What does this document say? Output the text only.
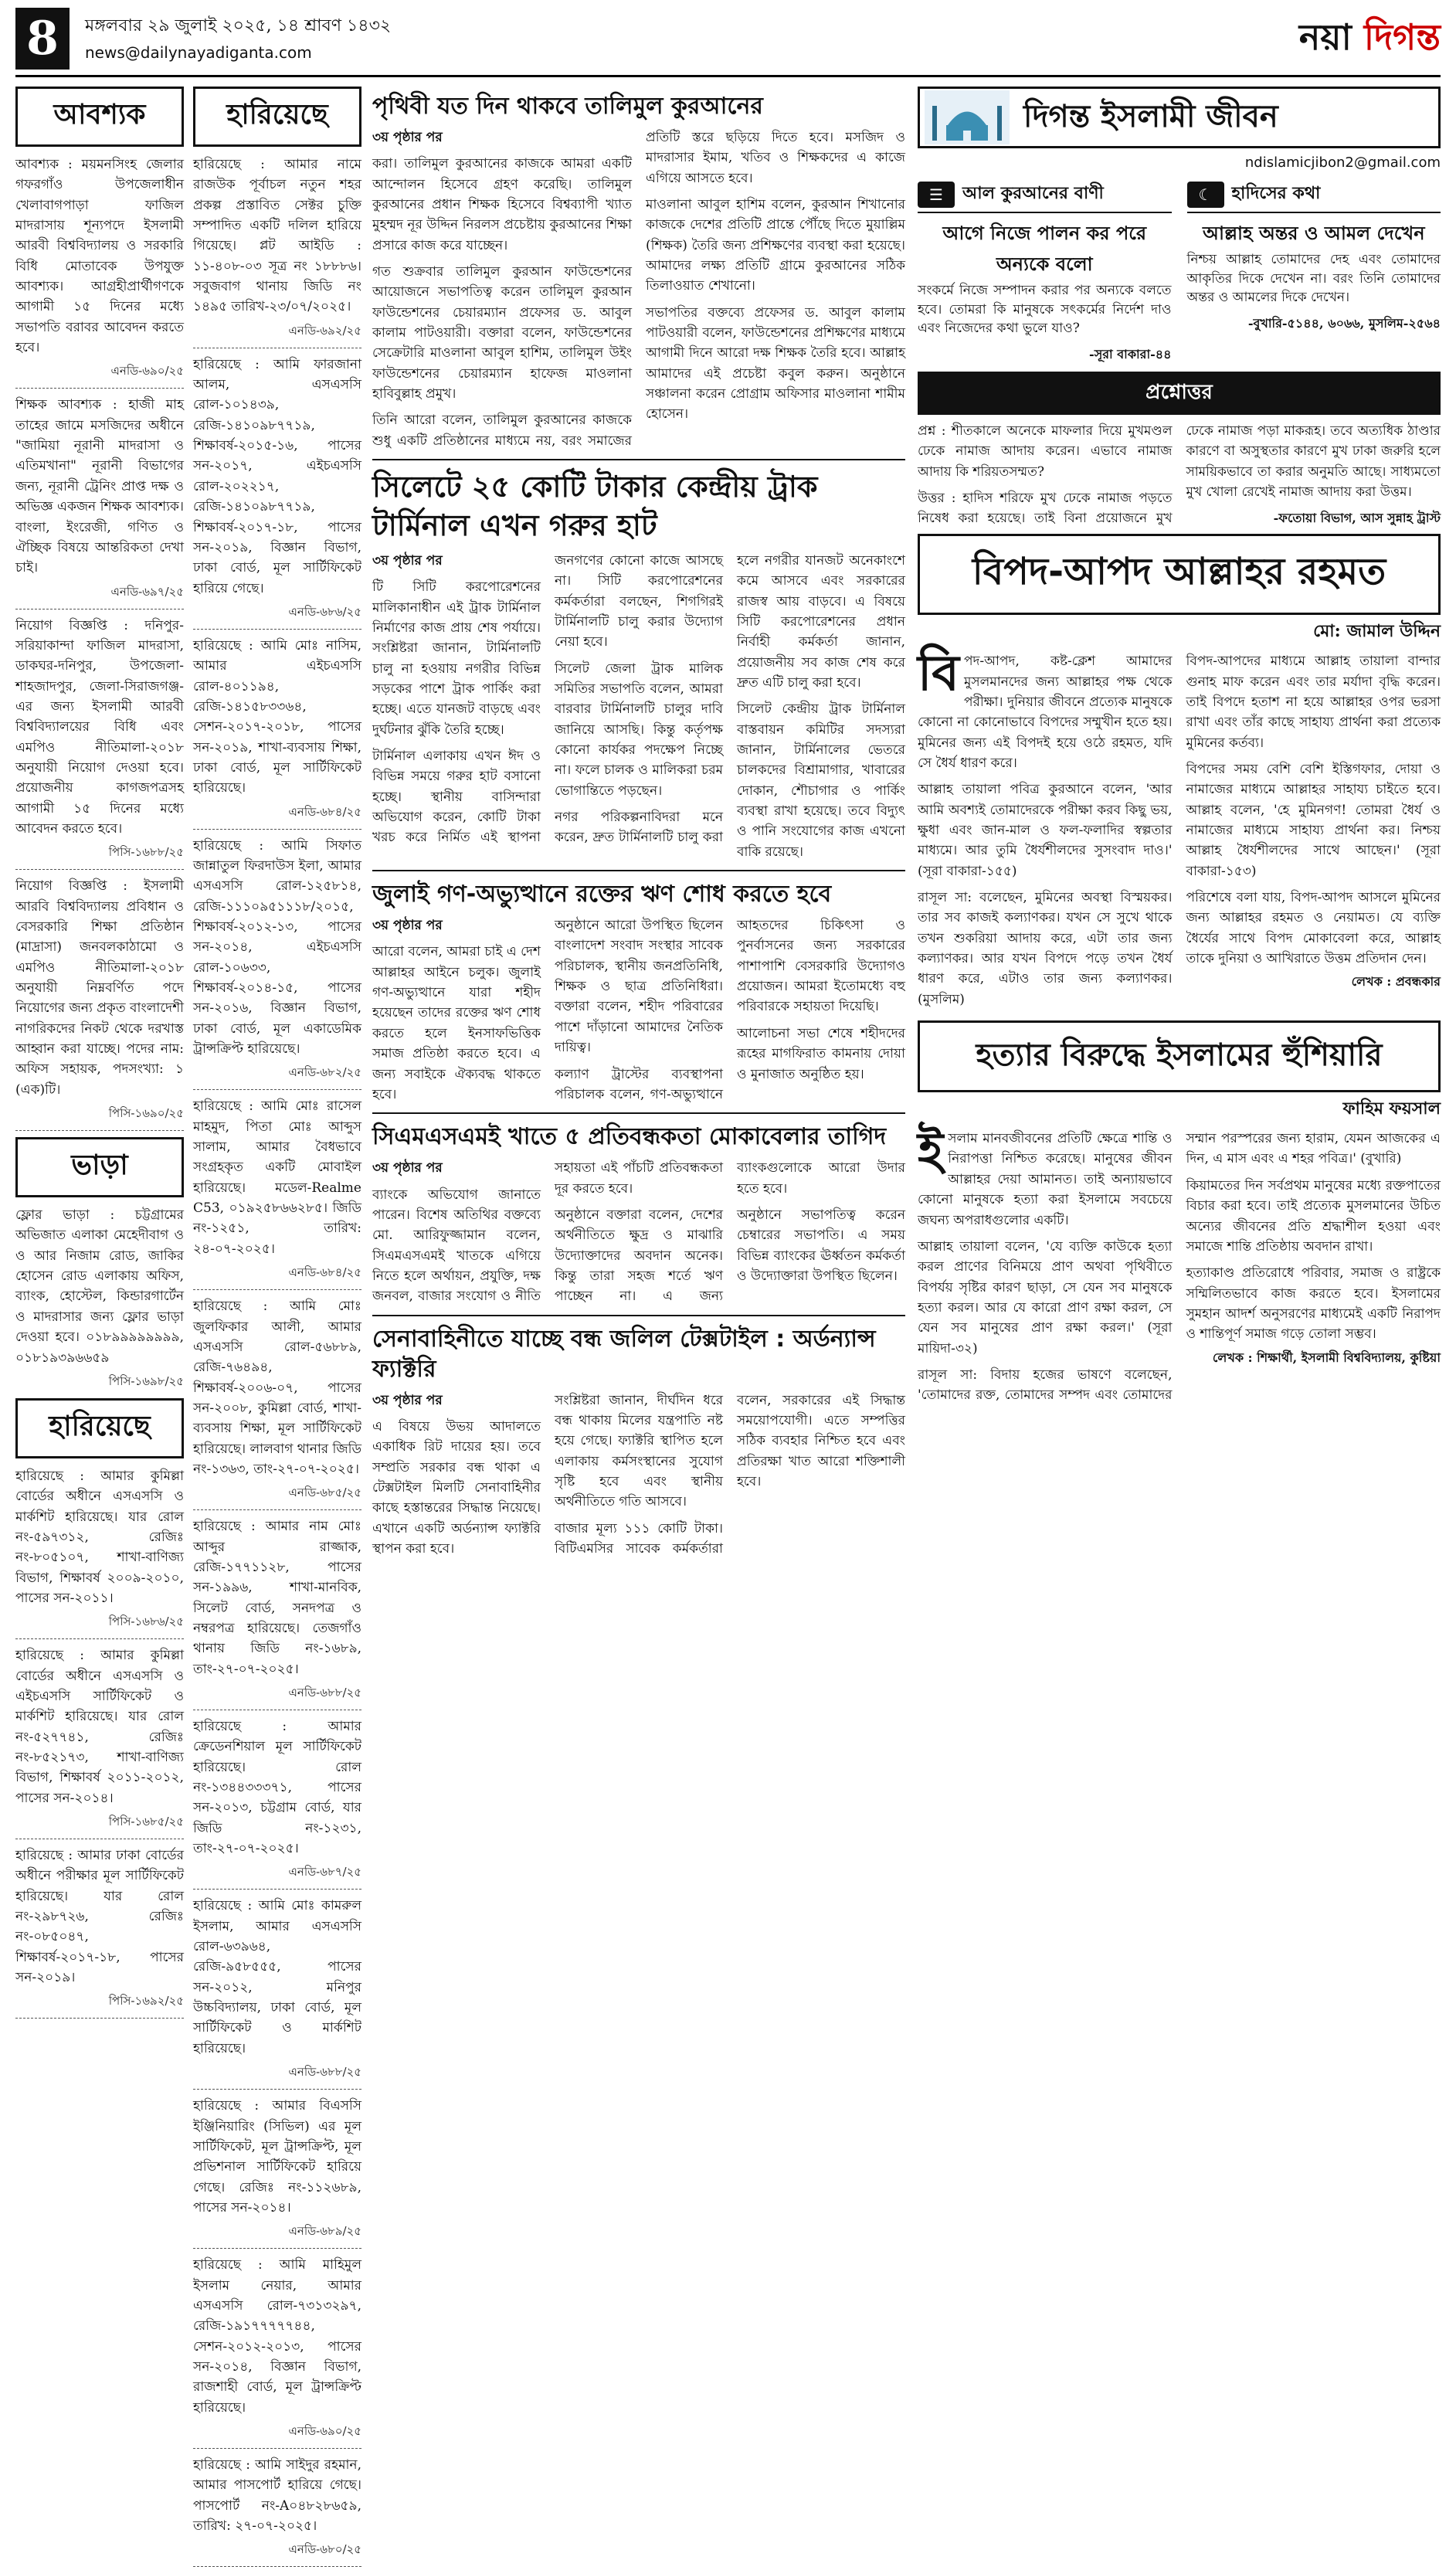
8	মঙ্গলবার ২৯ জুলাই ২০২৫, ১৪ শ্রাবণ ১৪৩২
news@dailynayadiganta.com	নয়া দিগন্ত
আবশ্যক

আবশ্যক : ময়মনসিংহ জেলার গফরগাঁও উপজেলাধীন খেলাবাগপাড়া ফাজিল মাদরাসায় শূন্যপদে ইসলামী আরবী বিশ্ববিদ্যালয় ও সরকারি বিধি মোতাবেক উপযুক্ত আবশ্যক। আগ্রহীপ্রার্থীগণকে আগামী ১৫ দিনের মধ্যে সভাপতি বরাবর আবেদন করতে হবে।

এনডি-৬৯০/২৫

শিক্ষক আবশ্যক : হাজী মাহ তাহের জামে মসজিদের অধীনে "জামিয়া নূরানী মাদরাসা ও এতিমখানা" নূরানী বিভাগের জন্য, নূরানী ট্রেনিং প্রাপ্ত দক্ষ ও অভিজ্ঞ একজন শিক্ষক আবশ্যক। বাংলা, ইংরেজী, গণিত ও ঐচ্ছিক বিষয়ে আন্তরিকতা দেখা চাই।

এনডি-৬৯৭/২৫

নিয়োগ বিজ্ঞপ্তি : দনিপুর-সরিয়াকান্দা ফাজিল মাদরাসা, ডাকঘর-দনিপুর, উপজেলা-শাহজাদপুর, জেলা-সিরাজগঞ্জ-এর জন্য ইসলামী আরবী বিশ্ববিদ্যালয়ের বিধি এবং এমপিও নীতিমালা-২০১৮ অনুযায়ী নিয়োগ দেওয়া হবে। প্রয়োজনীয় কাগজপত্রসহ আগামী ১৫ দিনের মধ্যে আবেদন করতে হবে।

পিসি-১৬৮৮/২৫

নিয়োগ বিজ্ঞপ্তি : ইসলামী আরবি বিশ্ববিদ্যালয় প্রবিধান ও বেসরকারি শিক্ষা প্রতিষ্ঠান (মাদ্রাসা) জনবলকাঠামো ও এমপিও নীতিমালা-২০১৮ অনুযায়ী নিম্নবর্ণিত পদে নিয়োগের জন্য প্রকৃত বাংলাদেশী নাগরিকদের নিকট থেকে দরখাস্ত আহ্বান করা যাচ্ছে। পদের নাম: অফিস সহায়ক, পদসংখ্যা: ১ (এক)টি।

পিসি-১৬৯০/২৫
ভাড়া

ফ্লোর ভাড়া : চট্টগ্রামের অভিজাত এলাকা মেহেদীবাগ ও ও আর নিজাম রোড, জাকির হোসেন রোড এলাকায় অফিস, ব্যাংক, হোস্টেল, কিন্ডারগার্টেন ও মাদরাসার জন্য ফ্লোর ভাড়া দেওয়া হবে। ০১৮৯৯৯৯৯৯৯৯, ০১৮১৯৩৯৬৬৫৯

পিসি-১৬৯৮/২৫
হারিয়েছে

হারিয়েছে : আমার কুমিল্লা বোর্ডের অধীনে এসএসসি ও মার্কশিট হারিয়েছে। যার রোল নং-৫৯৭৩১২, রেজিঃ নং-৮০৫১০৭, শাখা-বাণিজ্য বিভাগ, শিক্ষাবর্ষ ২০০৯-২০১০, পাসের সন-২০১১।

পিসি-১৬৮৬/২৫

হারিয়েছে : আমার কুমিল্লা বোর্ডের অধীনে এসএসসি ও এইচএসসি সার্টিফিকেট ও মার্কশিট হারিয়েছে। যার রোল নং-৫২৭৭৪১, রেজিঃ নং-৮৫২১৭৩, শাখা-বাণিজ্য বিভাগ, শিক্ষাবর্ষ ২০১১-২০১২, পাসের সন-২০১৪।

পিসি-১৬৮৫/২৫

হারিয়েছে : আমার ঢাকা বোর্ডের অধীনে পরীক্ষার মূল সার্টিফিকেট হারিয়েছে। যার রোল নং-২৯৮৭২৬, রেজিঃ নং-০৮৫০৪৭, শিক্ষাবর্ষ-২০১৭-১৮, পাসের সন-২০১৯।

পিসি-১৬৯২/২৫
হারিয়েছে

হারিয়েছে : আমার নামে রাজউক পূর্বাচল নতুন শহর প্রকল্প প্রস্তাবিত সেক্টর চুক্তি সম্পাদিত একটি দলিল হারিয়ে গিয়েছে। প্লট আইডি : ১১-৪০৮-০৩ সূত্র নং ১৮৮৮৬। সবুজবাগ থানায় জিডি নং ১৪৯৫ তারিখ-২৩/০৭/২০২৫।

এনডি-৬৯২/২৫

হারিয়েছে : আমি ফারজানা আলম, এসএসসি রোল-১০১৪৩৯, রেজি-১৪১০৯৮৭৭১৯, শিক্ষাবর্ষ-২০১৫-১৬, পাসের সন-২০১৭, এইচএসসি রোল-২০২২১৭, রেজি-১৪১০৯৮৭৭১৯, শিক্ষাবর্ষ-২০১৭-১৮, পাসের সন-২০১৯, বিজ্ঞান বিভাগ, ঢাকা বোর্ড, মূল সার্টিফিকেট হারিয়ে গেছে।

এনডি-৬৮৬/২৫

হারিয়েছে : আমি মোঃ নাসিম, আমার এইচএসসি রোল-৪০১১৯৪, রেজি-১৪১৫৮৩৩৬৪, সেশন-২০১৭-২০১৮, পাসের সন-২০১৯, শাখা-ব্যবসায় শিক্ষা, ঢাকা বোর্ড, মূল সার্টিফিকেট হারিয়েছে।

এনডি-৬৮৪/২৫

হারিয়েছে : আমি সিফাত জান্নাতুল ফিরদাউস ইলা, আমার এসএসসি রোল-১২৫৮১৪, রেজি-১১১০৯৫১১১৮/২০১৫, শিক্ষাবর্ষ-২০১২-১৩, পাসের সন-২০১৪, এইচএসসি রোল-১০৬৩৩, শিক্ষাবর্ষ-২০১৪-১৫, পাসের সন-২০১৬, বিজ্ঞান বিভাগ, ঢাকা বোর্ড, মূল একাডেমিক ট্রান্সক্রিপ্ট হারিয়েছে।

এনডি-৬৮২/২৫

হারিয়েছে : আমি মোঃ রাসেল মাহমুদ, পিতা মোঃ আব্দুস সালাম, আমার বৈধভাবে সংগ্রহকৃত একটি মোবাইল হারিয়েছে। মডেল-Realme C53, ০১৯২৫৮৬৬২৮৫। জিডি নং-১২৫১, তারিখ: ২৪-০৭-২০২৫।

এনডি-৬৮৪/২৫

হারিয়েছে : আমি মোঃ জুলফিকার আলী, আমার এসএসসি রোল-৫৬৮৮৯, রেজি-৭৬৪৯৪, শিক্ষাবর্ষ-২০০৬-০৭, পাসের সন-২০০৮, কুমিল্লা বোর্ড, শাখা-ব্যবসায় শিক্ষা, মূল সার্টিফিকেট হারিয়েছে। লালবাগ থানার জিডি নং-১৩৬৩, তাং-২৭-০৭-২০২৫।

এনডি-৬৮৫/২৫

হারিয়েছে : আমার নাম মোঃ আব্দুর রাজ্জাক, রেজি-১৭৭১১২৮, পাসের সন-১৯৯৬, শাখা-মানবিক, সিলেট বোর্ড, সনদপত্র ও নম্বরপত্র হারিয়েছে। তেজগাঁও থানায় জিডি নং-১৬৮৯, তাং-২৭-০৭-২০২৫।

এনডি-৬৮৮/২৫

হারিয়েছে : আমার ক্রেডেনশিয়াল মূল সার্টিফিকেট হারিয়েছে। রোল নং-১৩৪৪৩৩৩৭১, পাসের সন-২০১৩, চট্টগ্রাম বোর্ড, যার জিডি নং-১২৩১, তাং-২৭-০৭-২০২৫।

এনডি-৬৮৭/২৫

হারিয়েছে : আমি মোঃ কামরুল ইসলাম, আমার এসএসসি রোল-৬৩৯৬৪, রেজি-৯৫৮৫৫৫, পাসের সন-২০১২, মনিপুর উচ্চবিদ্যালয়, ঢাকা বোর্ড, মূল সার্টিফিকেট ও মার্কশিট হারিয়েছে।

এনডি-৬৮৮/২৫

হারিয়েছে : আমার বিএসসি ইঞ্জিনিয়ারিং (সিভিল) এর মূল সার্টিফিকেট, মূল ট্রান্সক্রিপ্ট, মূল প্রভিশনাল সার্টিফিকেট হারিয়ে গেছে। রেজিঃ নং-১১২৬৮৯, পাসের সন-২০১৪।

এনডি-৬৮৯/২৫

হারিয়েছে : আমি মাহিমুল ইসলাম নেয়ার, আমার এসএসসি রোল-৭৩১৩২৯৭, রেজি-১৯১৭৭৭৭৭৪৪, সেশন-২০১২-২০১৩, পাসের সন-২০১৪, বিজ্ঞান বিভাগ, রাজশাহী বোর্ড, মূল ট্রান্সক্রিপ্ট হারিয়েছে।

এনডি-৬৯০/২৫

হারিয়েছে : আমি সাইদুর রহমান, আমার পাসপোর্ট হারিয়ে গেছে। পাসপোর্ট নং-A০৪৮২৮৬৫৯, তারিখ: ২৭-০৭-২০২৫।

এনডি-৬৮০/২৫
পৃথিবী যত দিন থাকবে তালিমুল কুরআনের

৩য় পৃষ্ঠার পর

করা। তালিমুল কুরআনের কাজকে আমরা একটি আন্দোলন হিসেবে গ্রহণ করেছি। তালিমুল কুরআনের প্রধান শিক্ষক হিসেবে বিশ্বব্যাপী খ্যাত মুহম্মদ নূর উদ্দিন নিরলস প্রচেষ্টায় কুরআনের শিক্ষা প্রসারে কাজ করে যাচ্ছেন।

গত শুক্রবার তালিমুল কুরআন ফাউন্ডেশনের আয়োজনে সভাপতিত্ব করেন তালিমুল কুরআন ফাউন্ডেশনের চেয়ারম্যান প্রফেসর ড. আবুল কালাম পাটওয়ারী। বক্তারা বলেন, ফাউন্ডেশনের সেক্রেটারি মাওলানা আবুল হাশিম, তালিমুল উইং ফাউন্ডেশনের চেয়ারম্যান হাফেজ মাওলানা হাবিবুল্লাহ প্রমুখ।

তিনি আরো বলেন, তালিমুল কুরআনের কাজকে শুধু একটি প্রতিষ্ঠানের মাধ্যমে নয়, বরং সমাজের প্রতিটি স্তরে ছড়িয়ে দিতে হবে। মসজিদ ও মাদরাসার ইমাম, খতিব ও শিক্ষকদের এ কাজে এগিয়ে আসতে হবে।

মাওলানা আবুল হাশিম বলেন, কুরআন শিখানোর কাজকে দেশের প্রতিটি প্রান্তে পৌঁছে দিতে মুয়াল্লিম (শিক্ষক) তৈরি জন্য প্রশিক্ষণের ব্যবস্থা করা হয়েছে। আমাদের লক্ষ্য প্রতিটি গ্রামে কুরআনের সঠিক তিলাওয়াত শেখানো।

সভাপতির বক্তব্যে প্রফেসর ড. আবুল কালাম পাটওয়ারী বলেন, ফাউন্ডেশনের প্রশিক্ষণের মাধ্যমে আগামী দিনে আরো দক্ষ শিক্ষক তৈরি হবে। আল্লাহ আমাদের এই প্রচেষ্টা কবুল করুন। অনুষ্ঠানে সঞ্চালনা করেন প্রোগ্রাম অফিসার মাওলানা শামীম হোসেন।

সিলেটে ২৫ কোটি টাকার কেন্দ্রীয় ট্রাক টার্মিনাল এখন গরুর হাট

৩য় পৃষ্ঠার পর

টি সিটি করপোরেশনের মালিকানাধীন এই ট্রাক টার্মিনাল নির্মাণের কাজ প্রায় শেষ পর্যায়ে। সংশ্লিষ্টরা জানান, টার্মিনালটি চালু না হওয়ায় নগরীর বিভিন্ন সড়কের পাশে ট্রাক পার্কিং করা হচ্ছে। এতে যানজট বাড়ছে এবং দুর্ঘটনার ঝুঁকি তৈরি হচ্ছে।

টার্মিনাল এলাকায় এখন ঈদ ও বিভিন্ন সময়ে গরুর হাট বসানো হচ্ছে। স্থানীয় বাসিন্দারা অভিযোগ করেন, কোটি টাকা খরচ করে নির্মিত এই স্থাপনা জনগণের কোনো কাজে আসছে না। সিটি করপোরেশনের কর্মকর্তারা বলছেন, শিগগিরই টার্মিনালটি চালু করার উদ্যোগ নেয়া হবে।

সিলেট জেলা ট্রাক মালিক সমিতির সভাপতি বলেন, আমরা বারবার টার্মিনালটি চালুর দাবি জানিয়ে আসছি। কিন্তু কর্তৃপক্ষ কোনো কার্যকর পদক্ষেপ নিচ্ছে না। ফলে চালক ও মালিকরা চরম ভোগান্তিতে পড়ছেন।

নগর পরিকল্পনাবিদরা মনে করেন, দ্রুত টার্মিনালটি চালু করা হলে নগরীর যানজট অনেকাংশে কমে আসবে এবং সরকারের রাজস্ব আয় বাড়বে। এ বিষয়ে সিটি করপোরেশনের প্রধান নির্বাহী কর্মকর্তা জানান, প্রয়োজনীয় সব কাজ শেষ করে দ্রুত এটি চালু করা হবে।

সিলেট কেন্দ্রীয় ট্রাক টার্মিনাল বাস্তবায়ন কমিটির সদস্যরা জানান, টার্মিনালের ভেতরে চালকদের বিশ্রামাগার, খাবারের দোকান, শৌচাগার ও পার্কিং ব্যবস্থা রাখা হয়েছে। তবে বিদ্যুৎ ও পানি সংযোগের কাজ এখনো বাকি রয়েছে।

জুলাই গণ-অভ্যুত্থানে রক্তের ঋণ শোধ করতে হবে

৩য় পৃষ্ঠার পর

আরো বলেন, আমরা চাই এ দেশ আল্লাহর আইনে চলুক। জুলাই গণ-অভ্যুত্থানে যারা শহীদ হয়েছেন তাদের রক্তের ঋণ শোধ করতে হলে ইনসাফভিত্তিক সমাজ প্রতিষ্ঠা করতে হবে। এ জন্য সবাইকে ঐক্যবদ্ধ থাকতে হবে।

অনুষ্ঠানে আরো উপস্থিত ছিলেন বাংলাদেশ সংবাদ সংস্থার সাবেক পরিচালক, স্থানীয় জনপ্রতিনিধি, শিক্ষক ও ছাত্র প্রতিনিধিরা। বক্তারা বলেন, শহীদ পরিবারের পাশে দাঁড়ানো আমাদের নৈতিক দায়িত্ব।

কল্যাণ ট্রাস্টের ব্যবস্থাপনা পরিচালক বলেন, গণ-অভ্যুত্থানে আহতদের চিকিৎসা ও পুনর্বাসনের জন্য সরকারের পাশাপাশি বেসরকারি উদ্যোগও প্রয়োজন। আমরা ইতোমধ্যে বহু পরিবারকে সহায়তা দিয়েছি।

আলোচনা সভা শেষে শহীদদের রূহের মাগফিরাত কামনায় দোয়া ও মুনাজাত অনুষ্ঠিত হয়।

সিএমএসএমই খাতে ৫ প্রতিবন্ধকতা মোকাবেলার তাগিদ

৩য় পৃষ্ঠার পর

ব্যাংকে অভিযোগ জানাতে পারেন। বিশেষ অতিথির বক্তব্যে মো. আরিফুজ্জামান বলেন, সিএমএসএমই খাতকে এগিয়ে নিতে হলে অর্থায়ন, প্রযুক্তি, দক্ষ জনবল, বাজার সংযোগ ও নীতি সহায়তা এই পাঁচটি প্রতিবন্ধকতা দূর করতে হবে।

অনুষ্ঠানে বক্তারা বলেন, দেশের অর্থনীতিতে ক্ষুদ্র ও মাঝারি উদ্যোক্তাদের অবদান অনেক। কিন্তু তারা সহজ শর্তে ঋণ পাচ্ছেন না। এ জন্য ব্যাংকগুলোকে আরো উদার হতে হবে।

অনুষ্ঠানে সভাপতিত্ব করেন চেম্বারের সভাপতি। এ সময় বিভিন্ন ব্যাংকের ঊর্ধ্বতন কর্মকর্তা ও উদ্যোক্তারা উপস্থিত ছিলেন।

সেনাবাহিনীতে যাচ্ছে বন্ধ জলিল টেক্সটাইল : অর্ডন্যান্স ফ্যাক্টরি

৩য় পৃষ্ঠার পর

এ বিষয়ে উভয় আদালতে একাধিক রিট দায়ের হয়। তবে সম্প্রতি সরকার বন্ধ থাকা এ টেক্সটাইল মিলটি সেনাবাহিনীর কাছে হস্তান্তরের সিদ্ধান্ত নিয়েছে। এখানে একটি অর্ডন্যান্স ফ্যাক্টরি স্থাপন করা হবে।

সংশ্লিষ্টরা জানান, দীর্ঘদিন ধরে বন্ধ থাকায় মিলের যন্ত্রপাতি নষ্ট হয়ে গেছে। ফ্যাক্টরি স্থাপিত হলে এলাকায় কর্মসংস্থানের সুযোগ সৃষ্টি হবে এবং স্থানীয় অর্থনীতিতে গতি আসবে।

বাজার মূল্য ১১১ কোটি টাকা। বিটিএমসির সাবেক কর্মকর্তারা বলেন, সরকারের এই সিদ্ধান্ত সময়োপযোগী। এতে সম্পত্তির সঠিক ব্যবহার নিশ্চিত হবে এবং প্রতিরক্ষা খাত আরো শক্তিশালী হবে।

দিগন্ত ইসলামী জীবন
ndislamicjibon2@gmail.com
☰	আল কুরআনের বাণী	☾	হাদিসের কথা
আগে নিজে পালন কর পরে অন্যকে বলো

সংকর্মে নিজে সম্পাদন করার পর অন্যকে বলতে হবে। তোমরা কি মানুষকে সৎকর্মের নির্দেশ দাও এবং নিজেদের কথা ভুলে যাও?

-সূরা বাকারা-৪৪
আল্লাহ অন্তর ও আমল দেখেন

নিশ্চয় আল্লাহ তোমাদের দেহ এবং তোমাদের আকৃতির দিকে দেখেন না। বরং তিনি তোমাদের অন্তর ও আমলের দিকে দেখেন।

-বুখারি-৫১৪৪, ৬০৬৬, মুসলিম-২৫৬৪
প্রশ্নোত্তর

প্রশ্ন : শীতকালে অনেকে মাফলার দিয়ে মুখমণ্ডল ঢেকে নামাজ আদায় করেন। এভাবে নামাজ আদায় কি শরিয়তসম্মত?

উত্তর : হাদিস শরিফে মুখ ঢেকে নামাজ পড়তে নিষেধ করা হয়েছে। তাই বিনা প্রয়োজনে মুখ ঢেকে নামাজ পড়া মাকরূহ। তবে অত্যধিক ঠাণ্ডার কারণে বা অসুস্থতার কারণে মুখ ঢাকা জরুরি হলে সাময়িকভাবে তা করার অনুমতি আছে। সাধ্যমতো মুখ খোলা রেখেই নামাজ আদায় করা উত্তম।

-ফতোয়া বিভাগ, আস সুন্নাহ ট্রাস্ট
বিপদ-আপদ আল্লাহর রহমত
মো: জামাল উদ্দিন

বিপদ-আপদ, কষ্ট-ক্লেশ আমাদের মুসলমানদের জন্য আল্লাহর পক্ষ থেকে পরীক্ষা। দুনিয়ার জীবনে প্রত্যেক মানুষকে কোনো না কোনোভাবে বিপদের সম্মুখীন হতে হয়। মুমিনের জন্য এই বিপদই হয়ে ওঠে রহমত, যদি সে ধৈর্য ধারণ করে।

আল্লাহ তায়ালা পবিত্র কুরআনে বলেন, 'আর আমি অবশ্যই তোমাদেরকে পরীক্ষা করব কিছু ভয়, ক্ষুধা এবং জান-মাল ও ফল-ফলাদির স্বল্পতার মাধ্যমে। আর তুমি ধৈর্যশীলদের সুসংবাদ দাও।' (সূরা বাকারা-১৫৫)

রাসূল সা: বলেছেন, মুমিনের অবস্থা বিস্ময়কর। তার সব কাজই কল্যাণকর। যখন সে সুখে থাকে তখন শুকরিয়া আদায় করে, এটা তার জন্য কল্যাণকর। আর যখন বিপদে পড়ে তখন ধৈর্য ধারণ করে, এটাও তার জন্য কল্যাণকর। (মুসলিম)

বিপদ-আপদের মাধ্যমে আল্লাহ তায়ালা বান্দার গুনাহ মাফ করেন এবং তার মর্যাদা বৃদ্ধি করেন। তাই বিপদে হতাশ না হয়ে আল্লাহর ওপর ভরসা রাখা এবং তাঁর কাছে সাহায্য প্রার্থনা করা প্রত্যেক মুমিনের কর্তব্য।

বিপদের সময় বেশি বেশি ইস্তিগফার, দোয়া ও নামাজের মাধ্যমে আল্লাহর সাহায্য চাইতে হবে। আল্লাহ বলেন, 'হে মুমিনগণ! তোমরা ধৈর্য ও নামাজের মাধ্যমে সাহায্য প্রার্থনা কর। নিশ্চয় আল্লাহ ধৈর্যশীলদের সাথে আছেন।' (সূরা বাকারা-১৫৩)

পরিশেষে বলা যায়, বিপদ-আপদ আসলে মুমিনের জন্য আল্লাহর রহমত ও নেয়ামত। যে ব্যক্তি ধৈর্যের সাথে বিপদ মোকাবেলা করে, আল্লাহ তাকে দুনিয়া ও আখিরাতে উত্তম প্রতিদান দেন।

লেখক : প্রবন্ধকার
হত্যার বিরুদ্ধে ইসলামের হুঁশিয়ারি
ফাহিম ফয়সাল

ইসলাম মানবজীবনের প্রতিটি ক্ষেত্রে শান্তি ও নিরাপত্তা নিশ্চিত করেছে। মানুষের জীবন আল্লাহর দেয়া আমানত। তাই অন্যায়ভাবে কোনো মানুষকে হত্যা করা ইসলামে সবচেয়ে জঘন্য অপরাধগুলোর একটি।

আল্লাহ তায়ালা বলেন, 'যে ব্যক্তি কাউকে হত্যা করল প্রাণের বিনিময়ে প্রাণ অথবা পৃথিবীতে বিপর্যয় সৃষ্টির কারণ ছাড়া, সে যেন সব মানুষকে হত্যা করল। আর যে কারো প্রাণ রক্ষা করল, সে যেন সব মানুষের প্রাণ রক্ষা করল।' (সূরা মায়িদা-৩২)

রাসূল সা: বিদায় হজের ভাষণে বলেছেন, 'তোমাদের রক্ত, তোমাদের সম্পদ এবং তোমাদের সম্মান পরস্পরের জন্য হারাম, যেমন আজকের এ দিন, এ মাস এবং এ শহর পবিত্র।' (বুখারি)

কিয়ামতের দিন সর্বপ্রথম মানুষের মধ্যে রক্তপাতের বিচার করা হবে। তাই প্রত্যেক মুসলমানের উচিত অন্যের জীবনের প্রতি শ্রদ্ধাশীল হওয়া এবং সমাজে শান্তি প্রতিষ্ঠায় অবদান রাখা।

হত্যাকাণ্ড প্রতিরোধে পরিবার, সমাজ ও রাষ্ট্রকে সম্মিলিতভাবে কাজ করতে হবে। ইসলামের সুমহান আদর্শ অনুসরণের মাধ্যমেই একটি নিরাপদ ও শান্তিপূর্ণ সমাজ গড়ে তোলা সম্ভব।

লেখক : শিক্ষার্থী, ইসলামী বিশ্ববিদ্যালয়, কুষ্টিয়া
